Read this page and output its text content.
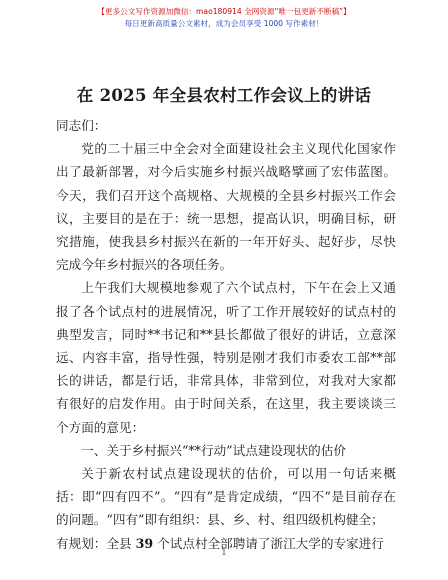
【更多公文写作资源加微信：mao180914 全网资源“唯一包更新不断稿”】
每日更新高质量公文素材，成为会员享受 1000 写作素材！
在 2025 年全县农村工作会议上的讲话

同志们：

党的二十届三中全会对全面建设社会主义现代化国家作出了最新部署，对今后实施乡村振兴战略擘画了宏伟蓝图。今天，我们召开这个高规格、大规模的全县乡村振兴工作会议，主要目的是在于：统一思想，提高认识，明确目标，研究措施，使我县乡村振兴在新的一年开好头、起好步，尽快完成今年乡村振兴的各项任务。

上午我们大规模地参观了六个试点村，下午在会上又通报了各个试点村的进展情况，听了工作开展较好的试点村的典型发言，同时**书记和**县长都做了很好的讲话，立意深远、内容丰富，指导性强，特别是刚才我们市委农工部**部长的讲话，都是行话，非常具体，非常到位，对我对大家都有很好的启发作用。由于时间关系，在这里，我主要谈谈三个方面的意见：

一、关于乡村振兴“**行动”试点建设现状的估价

关于新农村试点建设现状的估价，可以用一句话来概括：即“四有四不”。“四有”是肯定成绩，“四不”是目前存在的问题。“四有”即有组织：县、乡、村、组四级机构健全；

有规划：全县 39 个试点村全部聘请了浙江大学的专家进行

1
